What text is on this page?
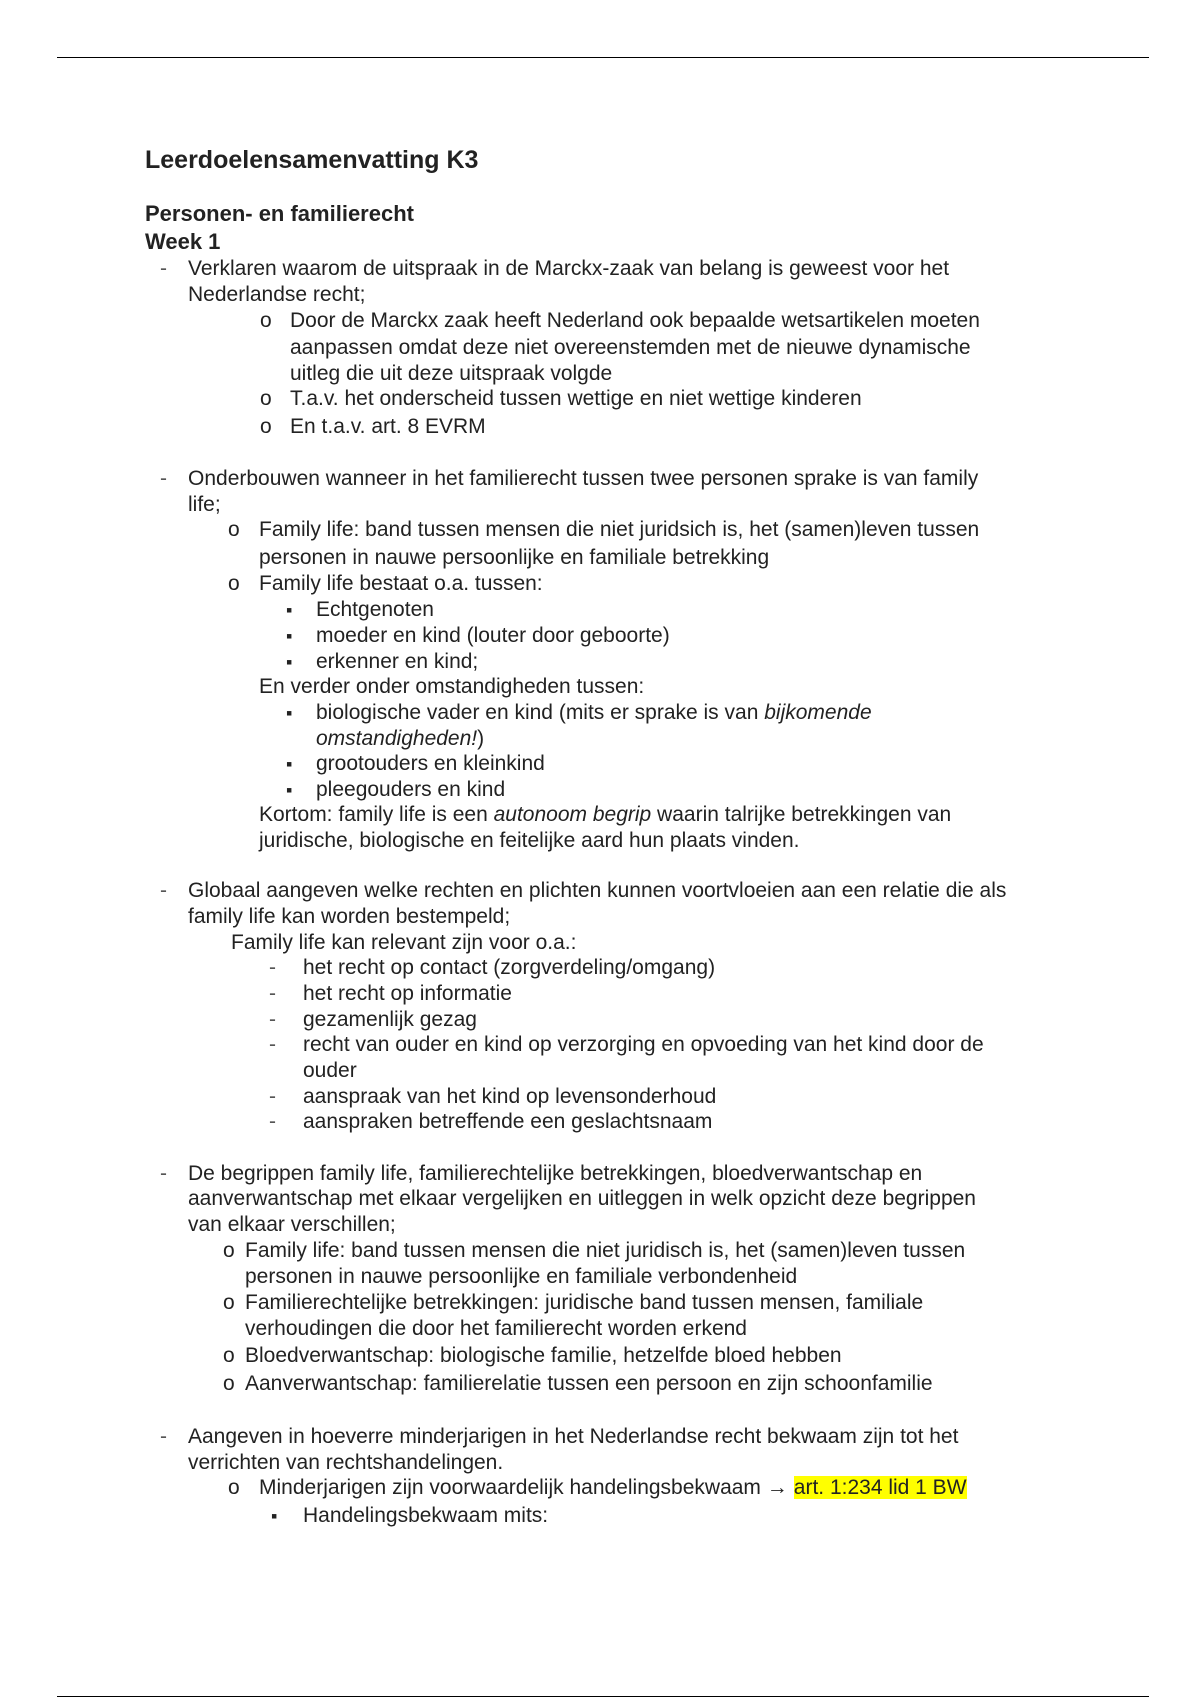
Leerdoelensamenvatting K3
Personen- en familierecht
Week 1
- Verklaren waarom de uitspraak in de Marckx-zaak van belang is geweest voor het
Nederlandse recht;
o Door de Marckx zaak heeft Nederland ook bepaalde wetsartikelen moeten
aanpassen omdat deze niet overeenstemden met de nieuwe dynamische
uitleg die uit deze uitspraak volgde
o T.a.v. het onderscheid tussen wettige en niet wettige kinderen
o En t.a.v. art. 8 EVRM
- Onderbouwen wanneer in het familierecht tussen twee personen sprake is van family
life;
o Family life: band tussen mensen die niet juridsich is, het (samen)leven tussen
personen in nauwe persoonlijke en familiale betrekking
o Family life bestaat o.a. tussen:
▪ Echtgenoten
▪ moeder en kind (louter door geboorte)
▪ erkenner en kind;
En verder onder omstandigheden tussen:
▪ biologische vader en kind (mits er sprake is van bijkomende
omstandigheden!)
▪ grootouders en kleinkind
▪ pleegouders en kind
Kortom: family life is een autonoom begrip waarin talrijke betrekkingen van
juridische, biologische en feitelijke aard hun plaats vinden.
- Globaal aangeven welke rechten en plichten kunnen voortvloeien aan een relatie die als
family life kan worden bestempeld;
Family life kan relevant zijn voor o.a.:
- het recht op contact (zorgverdeling/omgang)
- het recht op informatie
- gezamenlijk gezag
- recht van ouder en kind op verzorging en opvoeding van het kind door de
ouder
- aanspraak van het kind op levensonderhoud
- aanspraken betreffende een geslachtsnaam
- De begrippen family life, familierechtelijke betrekkingen, bloedverwantschap en
aanverwantschap met elkaar vergelijken en uitleggen in welk opzicht deze begrippen
van elkaar verschillen;
o Family life: band tussen mensen die niet juridisch is, het (samen)leven tussen
personen in nauwe persoonlijke en familiale verbondenheid
o Familierechtelijke betrekkingen: juridische band tussen mensen, familiale
verhoudingen die door het familierecht worden erkend
o Bloedverwantschap: biologische familie, hetzelfde bloed hebben
o Aanverwantschap: familierelatie tussen een persoon en zijn schoonfamilie
- Aangeven in hoeverre minderjarigen in het Nederlandse recht bekwaam zijn tot het
verrichten van rechtshandelingen.
o Minderjarigen zijn voorwaardelijk handelingsbekwaam → art. 1:234 lid 1 BW
▪ Handelingsbekwaam mits:
